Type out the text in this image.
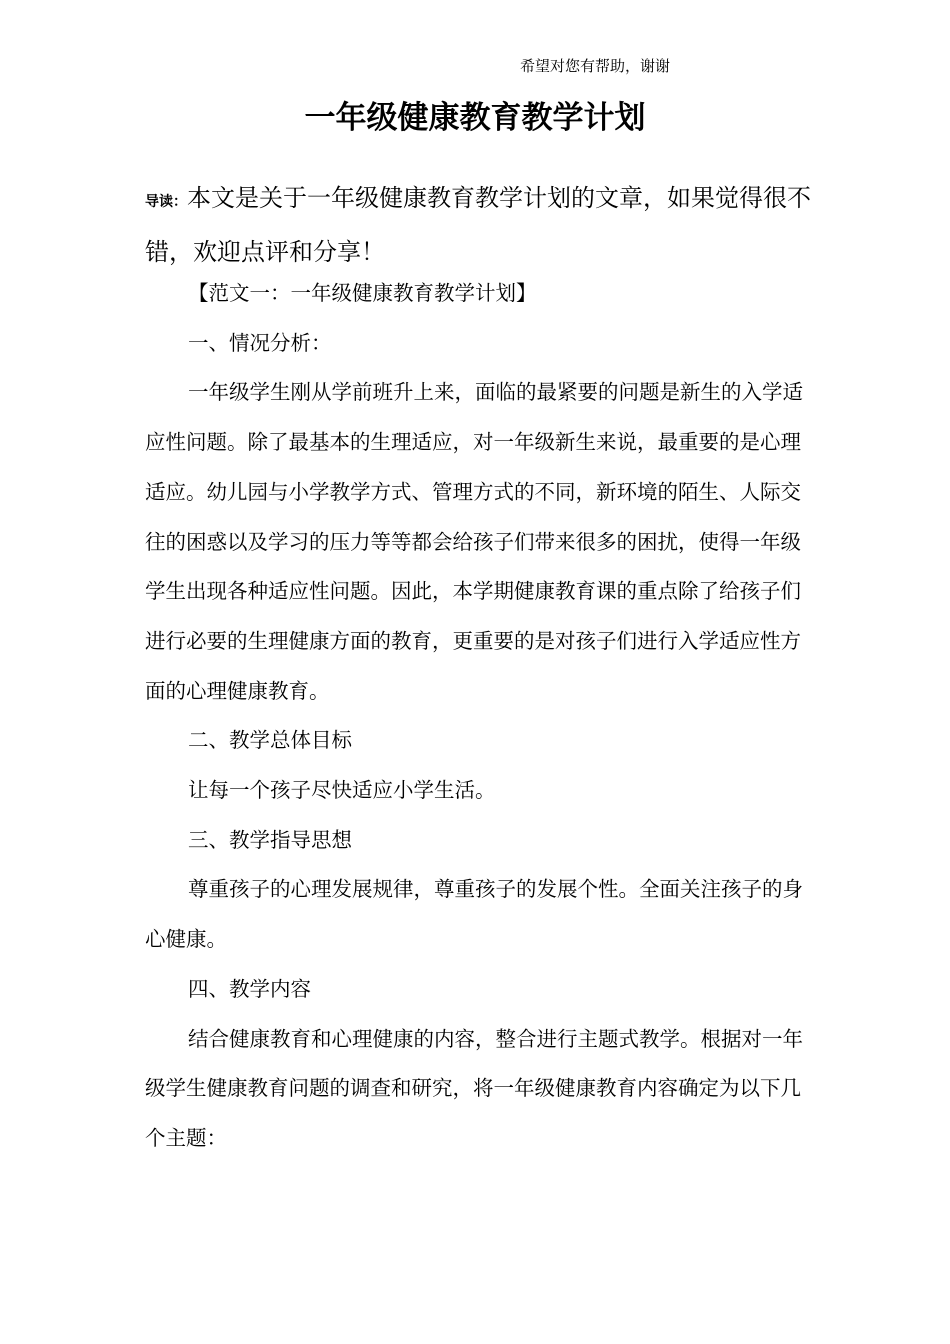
希望对您有帮助，谢谢
一年级健康教育教学计划
导读：本文是关于一年级健康教育教学计划的文章，如果觉得很不错，欢迎点评和分享！

【范文一：一年级健康教育教学计划】

一、情况分析：

一年级学生刚从学前班升上来，面临的最紧要的问题是新生的入学适应性问题。除了最基本的生理适应，对一年级新生来说，最重要的是心理适应。幼儿园与小学教学方式、管理方式的不同，新环境的陌生、人际交往的困惑以及学习的压力等等都会给孩子们带来很多的困扰，使得一年级学生出现各种适应性问题。因此，本学期健康教育课的重点除了给孩子们进行必要的生理健康方面的教育，更重要的是对孩子们进行入学适应性方面的心理健康教育。

二、教学总体目标

让每一个孩子尽快适应小学生活。

三、教学指导思想

尊重孩子的心理发展规律，尊重孩子的发展个性。全面关注孩子的身心健康。

四、教学内容

结合健康教育和心理健康的内容，整合进行主题式教学。根据对一年级学生健康教育问题的调查和研究，将一年级健康教育内容确定为以下几个主题：
